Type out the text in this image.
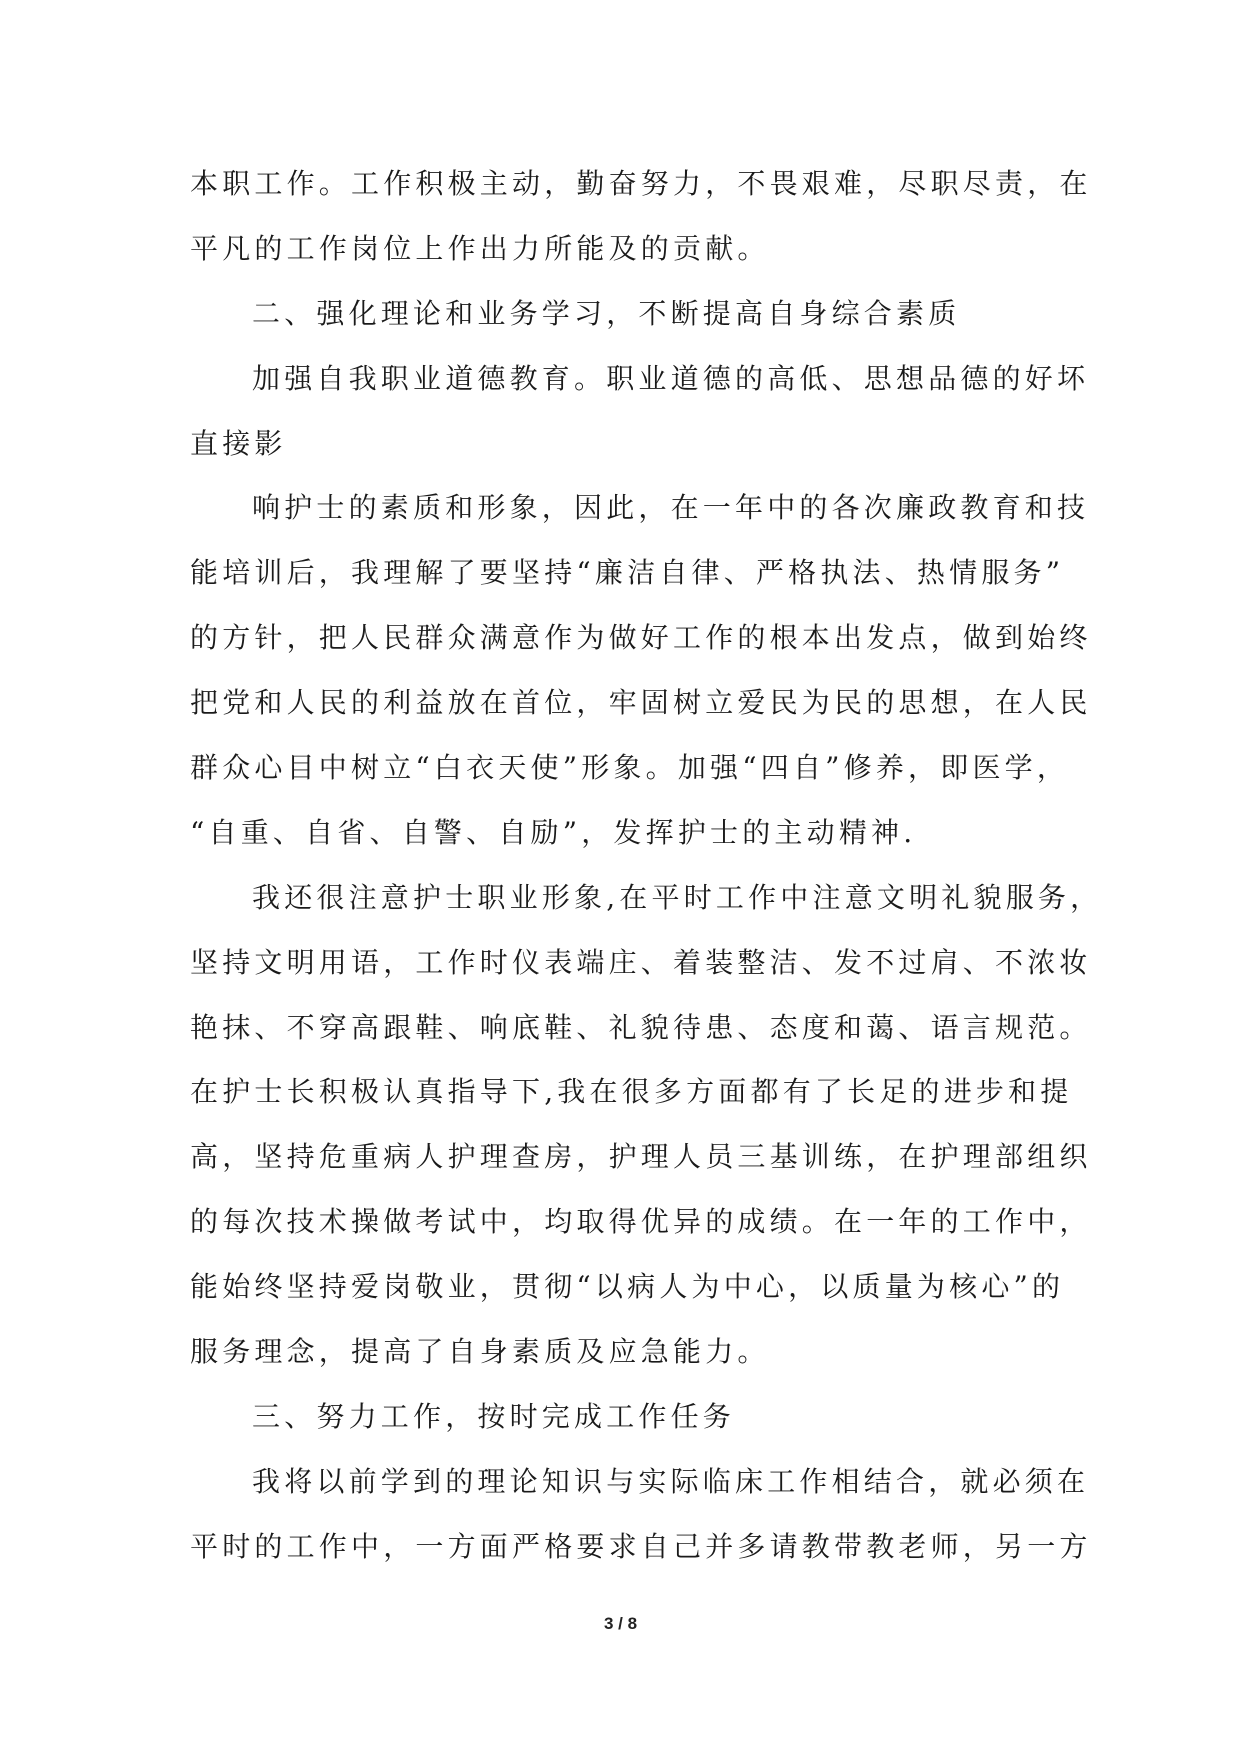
本职工作。工作积极主动，勤奋努力，不畏艰难，尽职尽责，在
平凡的工作岗位上作出力所能及的贡献。
二、强化理论和业务学习，不断提高自身综合素质
加强自我职业道德教育。职业道德的高低、思想品德的好坏
直接影
响护士的素质和形象，因此，在一年中的各次廉政教育和技
能培训后，我理解了要坚持“廉洁自律、严格执法、热情服务”
的方针，把人民群众满意作为做好工作的根本出发点，做到始终
把党和人民的利益放在首位，牢固树立爱民为民的思想，在人民
群众心目中树立“白衣天使”形象。加强“四自”修养，即医学，
“自重、自省、自警、自励”，发挥护士的主动精神.
我还很注意护士职业形象,在平时工作中注意文明礼貌服务，
坚持文明用语，工作时仪表端庄、着装整洁、发不过肩、不浓妆
艳抹、不穿高跟鞋、响底鞋、礼貌待患、态度和蔼、语言规范。
在护士长积极认真指导下,我在很多方面都有了长足的进步和提
高，坚持危重病人护理查房，护理人员三基训练，在护理部组织
的每次技术操做考试中，均取得优异的成绩。在一年的工作中，
能始终坚持爱岗敬业，贯彻“以病人为中心，以质量为核心”的
服务理念，提高了自身素质及应急能力。
三、努力工作，按时完成工作任务
我将以前学到的理论知识与实际临床工作相结合，就必须在
平时的工作中，一方面严格要求自己并多请教带教老师，另一方
3 / 8
